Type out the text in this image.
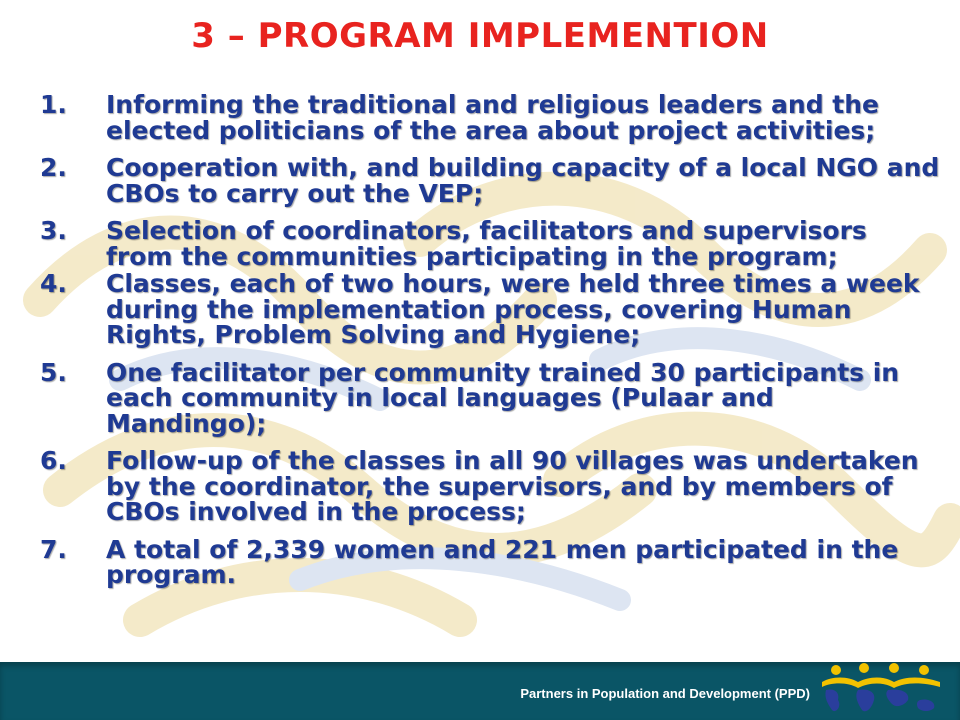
3 – PROGRAM IMPLEMENTION
1.	Informing the traditional and religious leaders and the elected politicians of the area about project activities;
2.	Cooperation with, and building capacity of a local NGO and CBOs to carry out the VEP;
3.	Selection of coordinators, facilitators and supervisors from the communities participating in the program;
4.	Classes, each of two hours, were held three times a week during the implementation process, covering Human Rights, Problem Solving and Hygiene;
5.	One facilitator per community trained 30 participants in each community in local languages (Pulaar and Mandingo);
6.	Follow-up of the classes in all 90 villages was undertaken by the coordinator, the supervisors, and by members of CBOs involved in the process;
7.	A total of 2,339 women and 221 men participated in the program.
Partners in Population and Development (PPD)
